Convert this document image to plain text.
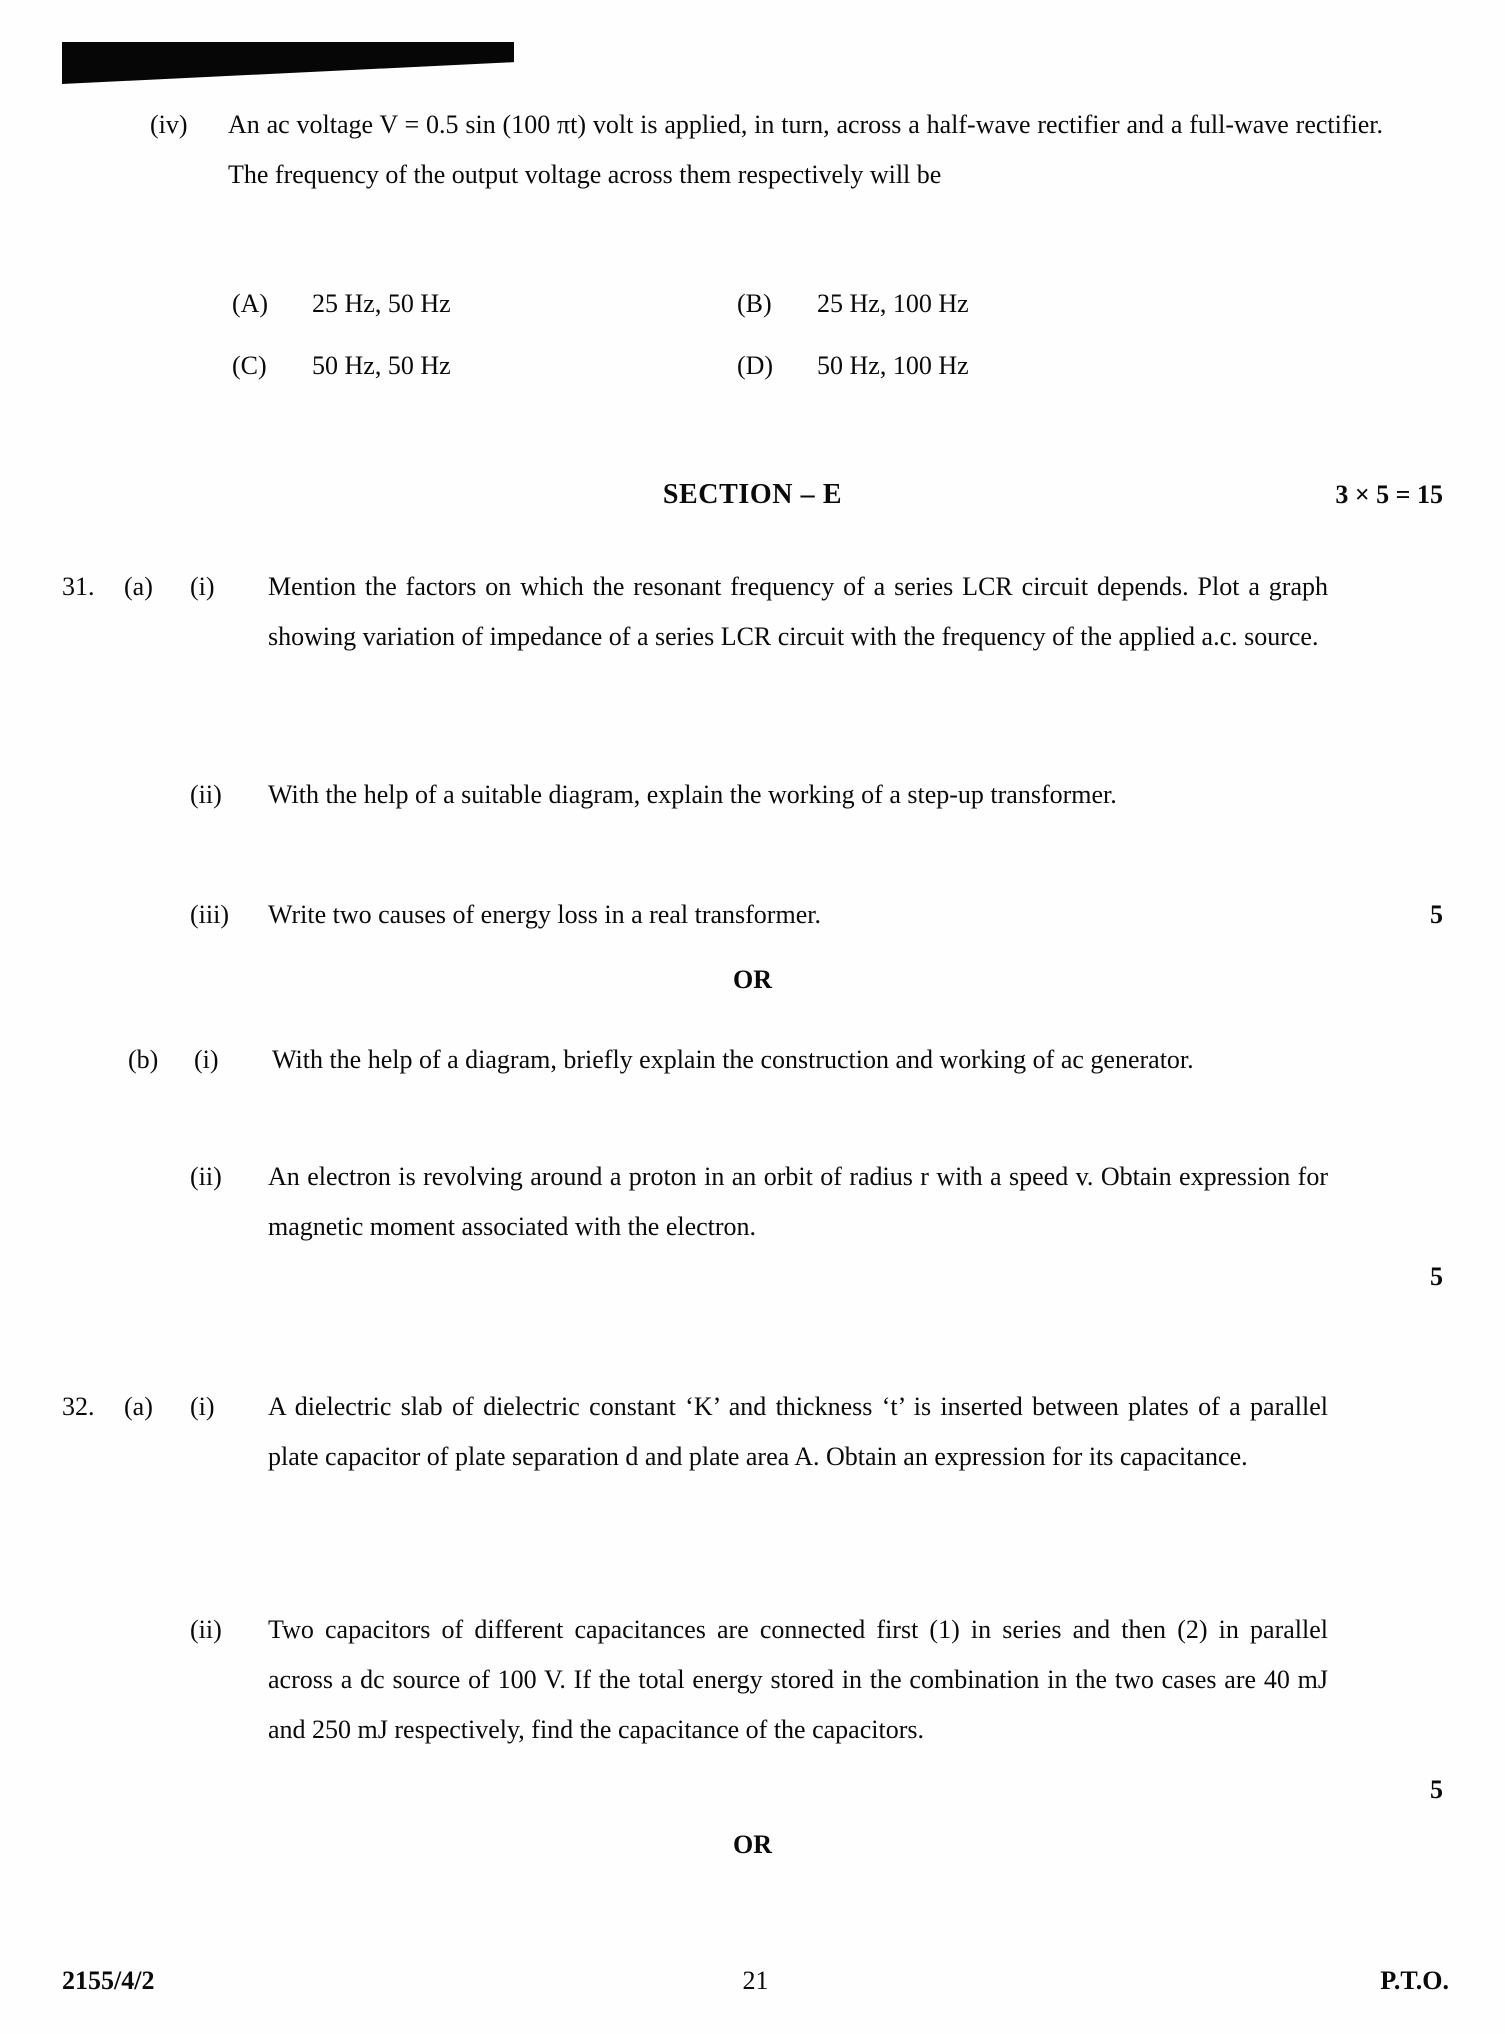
(iv)	An ac voltage V = 0.5 sin (100 πt) volt is applied, in turn, across a half-wave rectifier and a full-wave rectifier. The frequency of the output voltage across them respectively will be
(A)	25 Hz, 50 Hz	(B)	25 Hz, 100 Hz
(C)	50 Hz, 50 Hz	(D)	50 Hz, 100 Hz
SECTION – E	3 × 5 = 15
31.	(a)	(i)	Mention the factors on which the resonant frequency of a series LCR circuit depends. Plot a graph showing variation of impedance of a series LCR circuit with the frequency of the applied a.c. source.
(ii)	With the help of a suitable diagram, explain the working of a step-up transformer.
(iii)	Write two causes of energy loss in a real transformer.	5
OR
(b)	(i)	With the help of a diagram, briefly explain the construction and working of ac generator.
(ii)	An electron is revolving around a proton in an orbit of radius r with a speed v. Obtain expression for magnetic moment associated with the electron.
5
32.	(a)	(i)	A dielectric slab of dielectric constant ‘K’ and thickness ‘t’ is inserted between plates of a parallel plate capacitor of plate separation d and plate area A. Obtain an expression for its capacitance.
(ii)	Two capacitors of different capacitances are connected first (1) in series and then (2) in parallel across a dc source of 100 V. If the total energy stored in the combination in the two cases are 40 mJ and 250 mJ respectively, find the capacitance of the capacitors.
5
OR
2155/4/2	21	P.T.O.
